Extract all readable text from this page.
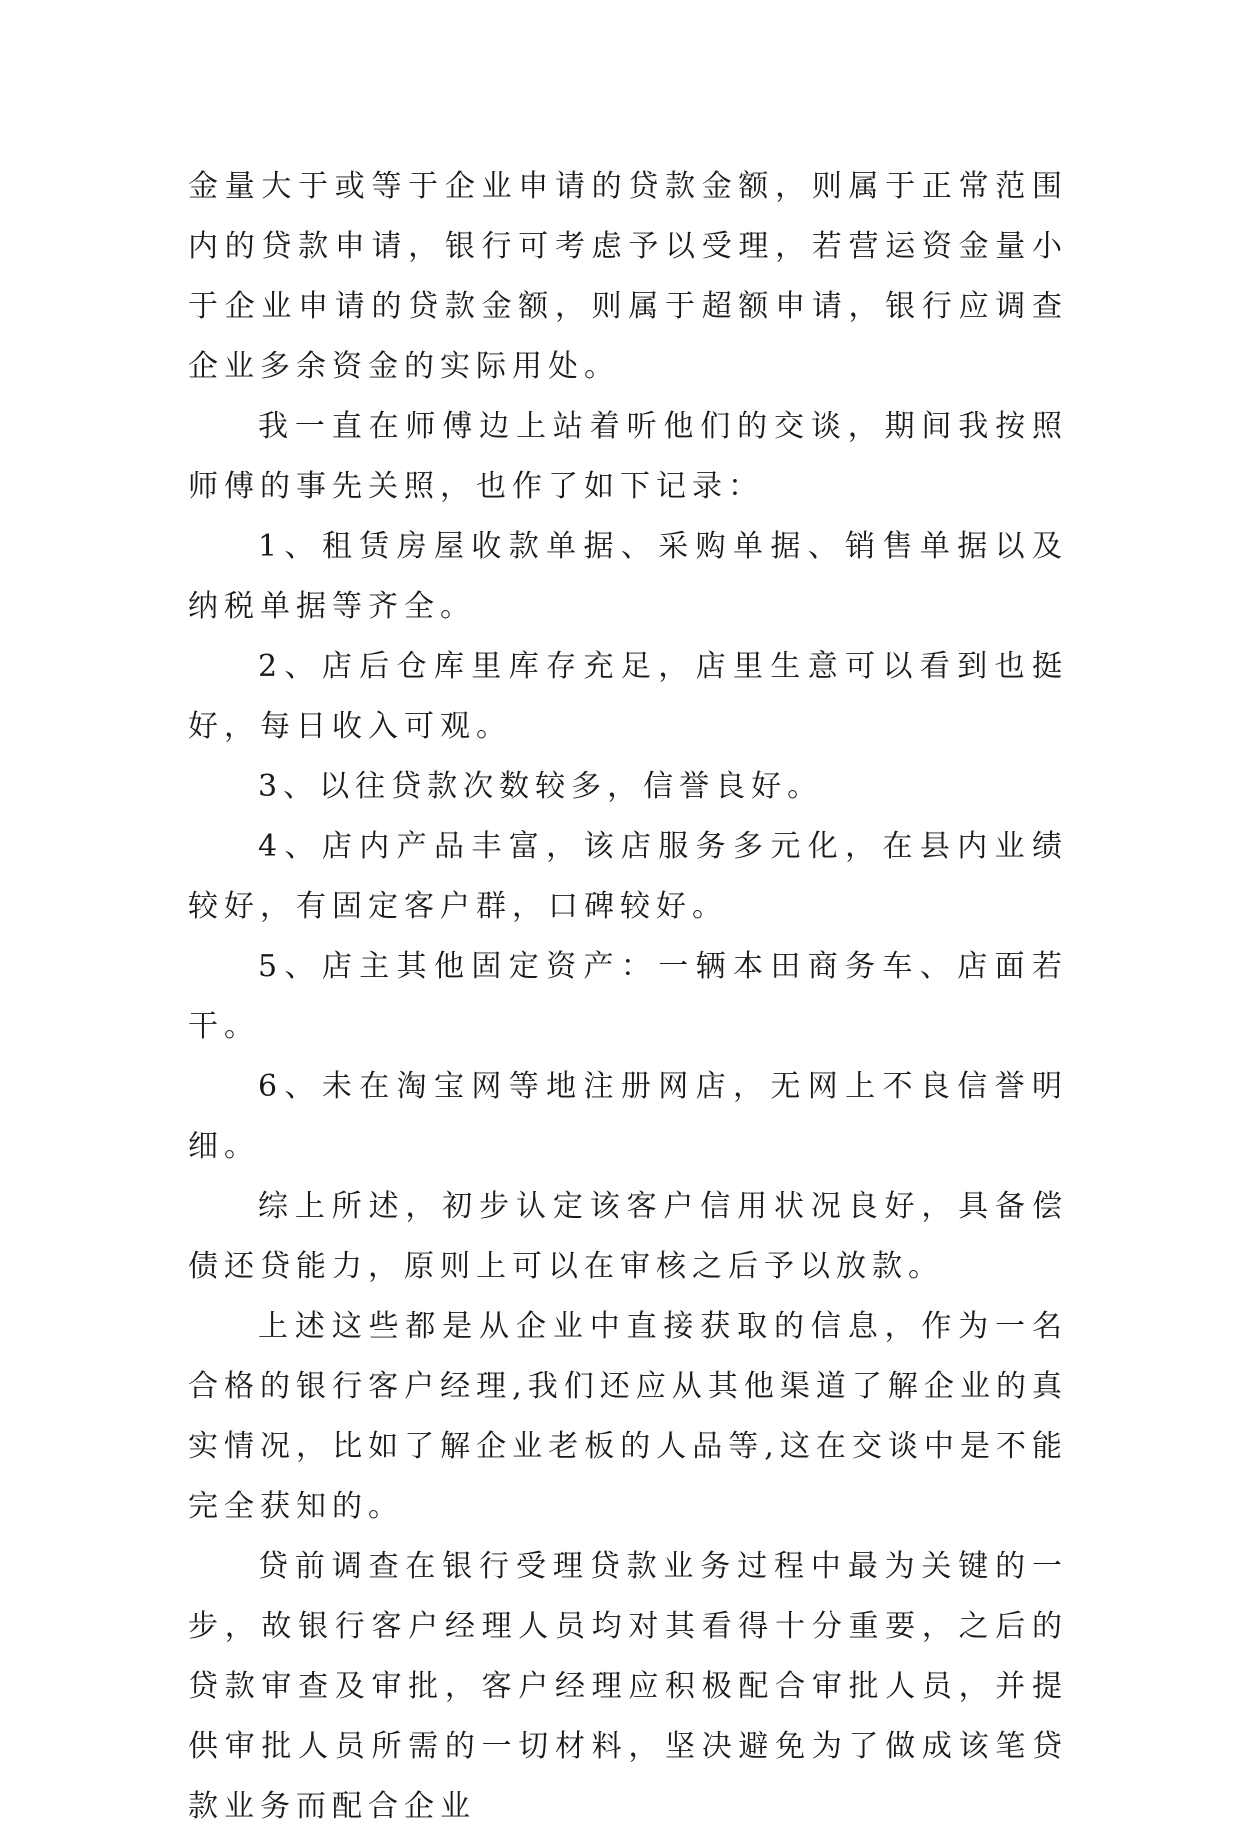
金量大于或等于企业申请的贷款金额，则属于正常范围内的贷款申请，银行可考虑予以受理，若营运资金量小于企业申请的贷款金额，则属于超额申请，银行应调查企业多余资金的实际用处。

我一直在师傅边上站着听他们的交谈，期间我按照师傅的事先关照，也作了如下记录：

1、租赁房屋收款单据、采购单据、销售单据以及纳税单据等齐全。

2、店后仓库里库存充足，店里生意可以看到也挺好，每日收入可观。

3、以往贷款次数较多，信誉良好。

4、店内产品丰富，该店服务多元化，在县内业绩较好，有固定客户群，口碑较好。

5、店主其他固定资产：一辆本田商务车、店面若干。

6、未在淘宝网等地注册网店，无网上不良信誉明细。

综上所述，初步认定该客户信用状况良好，具备偿债还贷能力，原则上可以在审核之后予以放款。

上述这些都是从企业中直接获取的信息，作为一名合格的银行客户经理,我们还应从其他渠道了解企业的真实情况，比如了解企业老板的人品等,这在交谈中是不能完全获知的。

贷前调查在银行受理贷款业务过程中最为关键的一步，故银行客户经理人员均对其看得十分重要，之后的贷款审查及审批，客户经理应积极配合审批人员，并提供审批人员所需的一切材料，坚决避免为了做成该笔贷款业务而配合企业
